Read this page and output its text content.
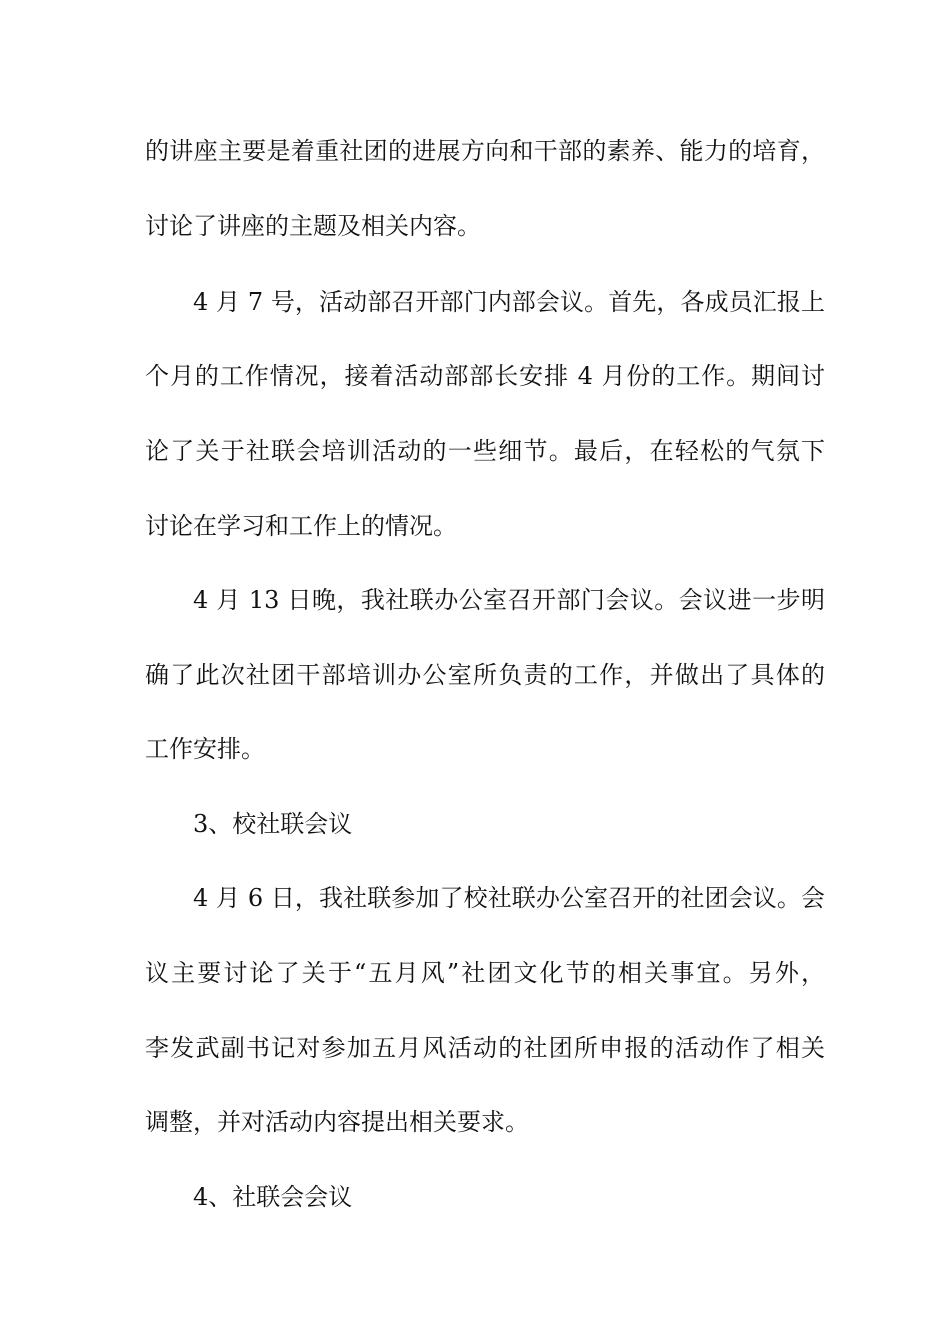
的讲座主要是着重社团的进展方向和干部的素养、能力的培育，
讨论了讲座的主题及相关内容。
4 月 7 号，活动部召开部门内部会议。首先，各成员汇报上
个月的工作情况，接着活动部部长安排 4 月份的工作。期间讨
论了关于社联会培训活动的一些细节。最后，在轻松的气氛下
讨论在学习和工作上的情况。
4 月 13 日晚，我社联办公室召开部门会议。会议进一步明
确了此次社团干部培训办公室所负责的工作，并做出了具体的
工作安排。
3、校社联会议
4 月 6 日，我社联参加了校社联办公室召开的社团会议。会
议主要讨论了关于“五月风”社团文化节的相关事宜。另外，
李发武副书记对参加五月风活动的社团所申报的活动作了相关
调整，并对活动内容提出相关要求。
4、社联会会议
